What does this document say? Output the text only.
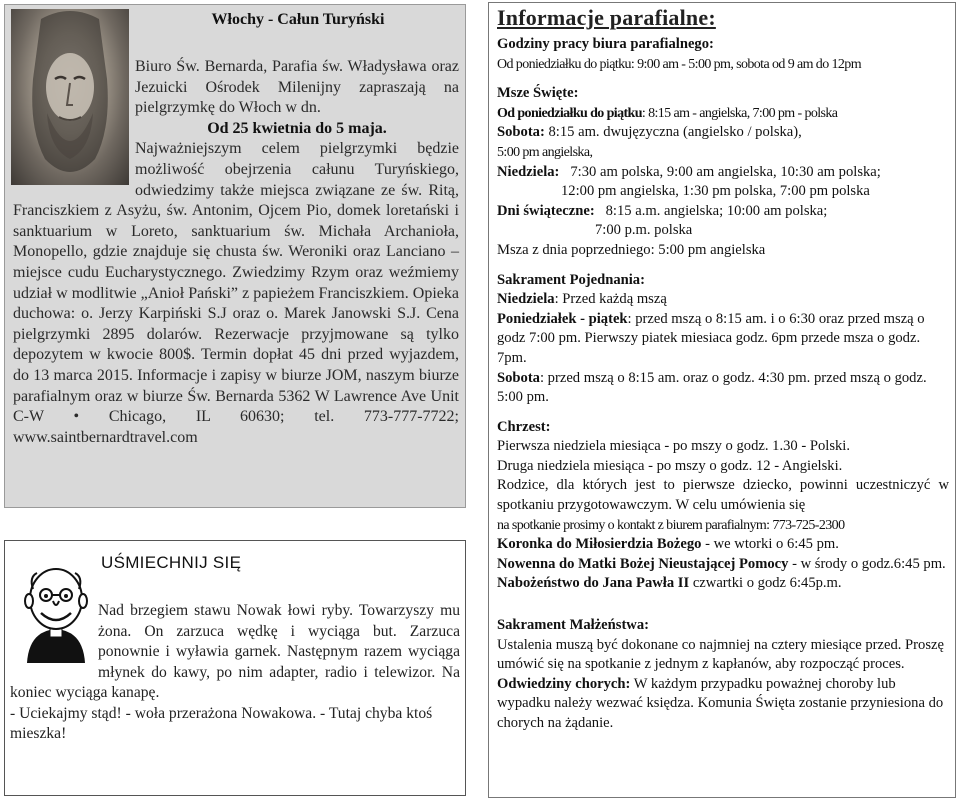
Włochy - Całun Turyński
Biuro Św. Bernarda, Parafia św. Władysława oraz Jezuicki Ośrodek Milenijny zapraszają na pielgrzymkę do Włoch w dn.
Od 25 kwietnia do 5 maja.
Najważniejszym celem pielgrzymki będzie możliwość obejrzenia całunu Turyńskiego, odwiedzimy także miejsca związane ze św. Ritą, Franciszkiem z Asyżu, św. Antonim, Ojcem Pio, domek loretański i sanktuarium w Loreto, sanktuarium św. Michała Archanioła, Monopello, gdzie znajduje się chusta św. Weroniki oraz Lanciano – miejsce cudu Eucharystycznego. Zwiedzimy Rzym oraz weźmiemy udział w modlitwie „Anioł Pański” z papieżem Franciszkiem. Opieka duchowa: o. Jerzy Karpiński S.J oraz o. Marek Janowski S.J. Cena pielgrzymki 2895 dolarów. Rezerwacje przyjmowane są tylko depozytem w kwocie 800$. Termin dopłat 45 dni przed wyjazdem, do 13 marca 2015. Informacje i zapisy w biurze JOM, naszym biurze parafialnym oraz w biurze Św. Bernarda 5362 W Lawrence Ave Unit C-W • Chicago, IL 60630; tel. 773-777-7722; www.saintbernardtravel.com
UŚMIECHNIJ SIĘ

Nad brzegiem stawu Nowak łowi ryby. Towarzyszy mu żona. On zarzuca wędkę i wyciąga but. Zarzuca ponownie i wyławia garnek. Następnym razem wyciąga młynek do kawy, po nim adapter, radio i telewizor. Na koniec wyciąga kanapę.

- Uciekajmy stąd! - woła przerażona Nowakowa. - Tutaj chyba ktoś mieszka!

Informacje parafialne:

Godziny pracy biura parafialnego:

Od poniedziałku do piątku: 9:00 am - 5:00 pm, sobota od 9 am do 12pm

Msze Święte:

Od poniedziałku do piątku: 8:15 am - angielska, 7:00 pm - polska

Sobota: 8:15 am. dwujęzyczna (angielsko / polska),

5:00 pm angielska,

Niedziela:   7:30 am polska, 9:00 am angielska, 10:30 am polska;

12:00 pm angielska, 1:30 pm polska, 7:00 pm polska

Dni świąteczne:   8:15 a.m. angielska; 10:00 am polska;

7:00 p.m. polska

Msza z dnia poprzedniego: 5:00 pm angielska

Sakrament Pojednania:

Niedziela: Przed każdą mszą

Poniedziałek - piątek: przed mszą o 8:15 am. i o 6:30 oraz przed mszą o godz 7:00 pm. Pierwszy piatek miesiaca godz. 6pm przede msza o godz. 7pm.

Sobota: przed mszą o 8:15 am. oraz o godz. 4:30 pm. przed mszą o godz. 5:00 pm.

Chrzest:

Pierwsza niedziela miesiąca - po mszy o godz. 1.30 - Polski.

Druga niedziela miesiąca - po mszy o godz. 12 - Angielski.

Rodzice, dla których jest to pierwsze dziecko, powinni uczestniczyć w spotkaniu przygotowawczym. W celu umówienia się

na spotkanie prosimy o kontakt z biurem parafialnym: 773-725-2300

Koronka do Miłosierdzia Bożego - we wtorki o 6:45 pm.

Nowenna do Matki Bożej Nieustającej Pomocy - w środy o godz.6:45 pm.

Nabożeństwo do Jana Pawła II czwartki o godz 6:45p.m.

Sakrament Małżeństwa:

Ustalenia muszą być dokonane co najmniej na cztery miesiące przed. Proszę umówić się na spotkanie z jednym z kapłanów, aby rozpocząć proces.

Odwiedziny chorych: W każdym przypadku poważnej choroby lub wypadku należy wezwać księdza. Komunia Święta zostanie przyniesiona do chorych na żądanie.
